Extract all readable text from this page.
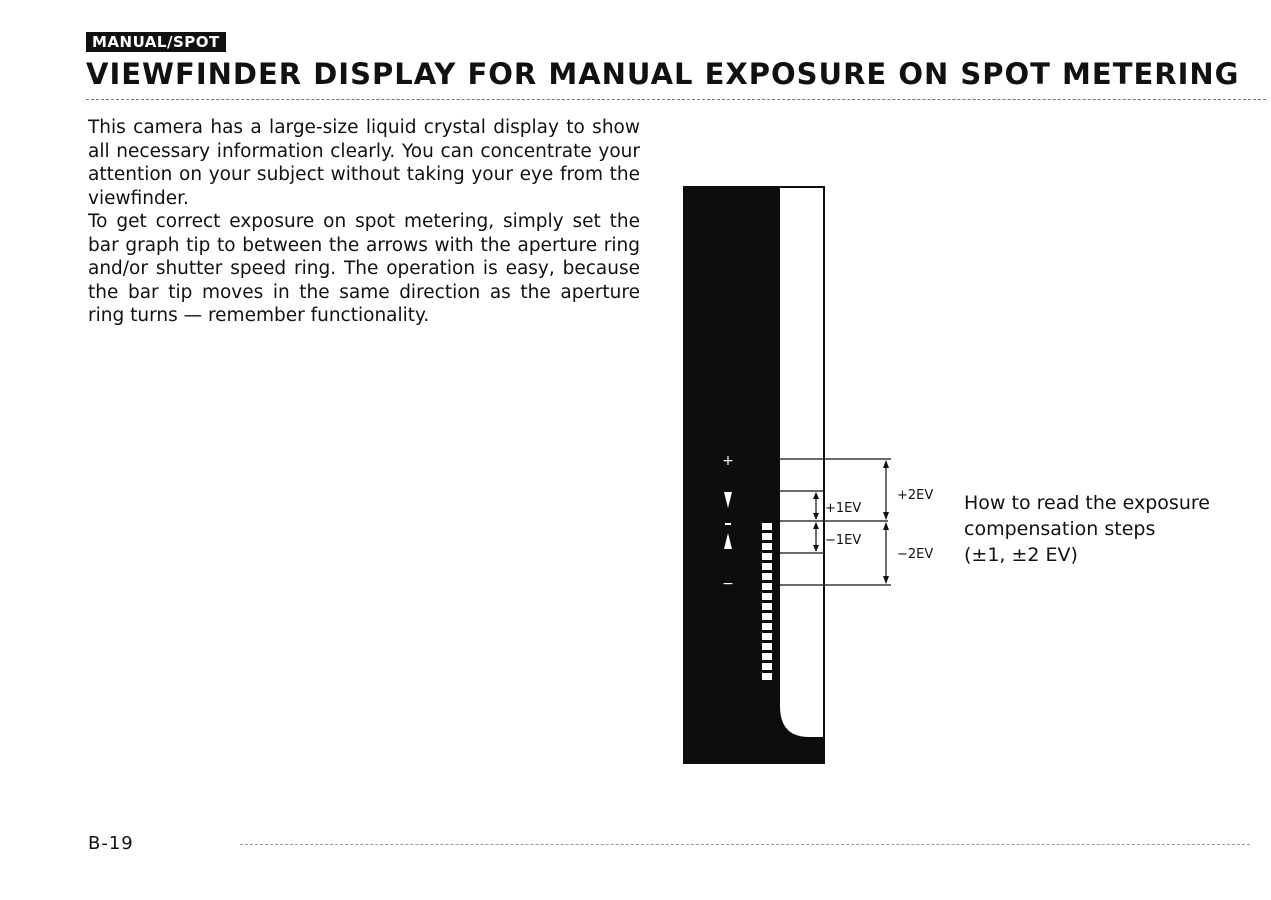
MANUAL/SPOT
VIEWFINDER DISPLAY FOR MANUAL EXPOSURE ON SPOT METERING

This camera has a large-size liquid crystal display to show all necessary information clearly. You can concentrate your attention on your subject without taking your eye from the viewfinder.

To get correct exposure on spot metering, simply set the bar graph tip to between the arrows with the aperture ring and/or shutter speed ring. The operation is easy, because the bar tip moves in the same direction as the aperture ring turns — remember functionality.

+
−
+1EV
−1EV
+2EV
−2EV
How to read the exposure
compensation steps
(±1, ±2 EV)
B-19
